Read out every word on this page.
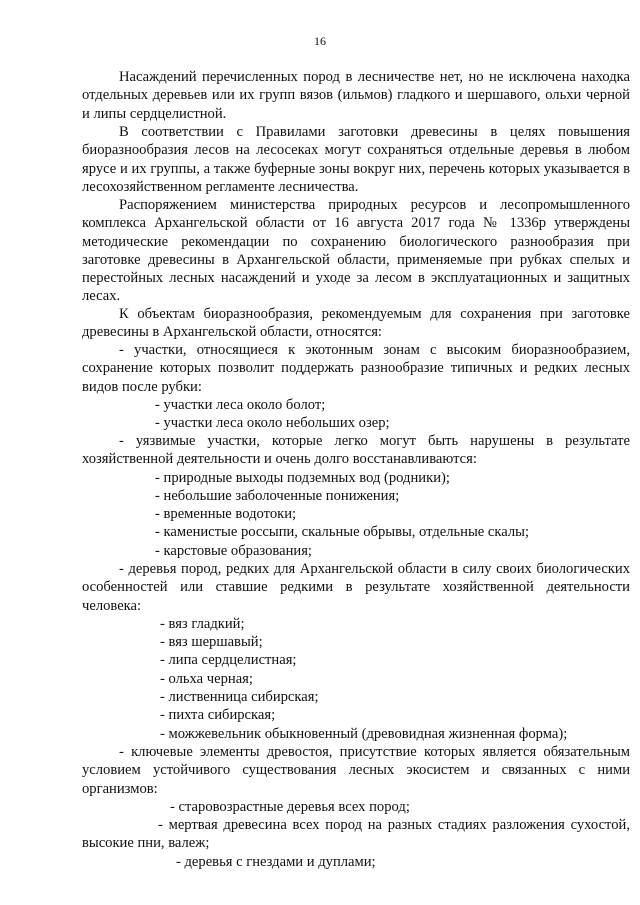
16

Насаждений перечисленных пород в лесничестве нет, но не исключена находка отдельных деревьев или их групп вязов (ильмов) гладкого и шершавого, ольхи черной и липы сердцелистной.

В соответствии с Правилами заготовки древесины в целях повышения биоразнообразия лесов на лесосеках могут сохраняться отдельные деревья в любом ярусе и их группы, а также буферные зоны вокруг них, перечень которых указывается в лесохозяйственном регламенте лесничества.

Распоряжением министерства природных ресурсов и лесопромышленного комплекса Архангельской области от 16 августа 2017 года № 1336р утверждены методические рекомендации по сохранению биологического разнообразия при заготовке древесины в Архангельской области, применяемые при рубках спелых и перестойных лесных насаждений и уходе за лесом в эксплуатационных и защитных лесах.

К объектам биоразнообразия, рекомендуемым для сохранения при заготовке древесины в Архангельской области, относятся:

- участки, относящиеся к экотонным зонам с высоким биоразнообразием, сохранение которых позволит поддержать разнообразие типичных и редких лесных видов после рубки:

- участки леса около болот;

- участки леса около небольших озер;

- уязвимые участки, которые легко могут быть нарушены в результате хозяйственной деятельности и очень долго восстанавливаются:

- природные выходы подземных вод (родники);

- небольшие заболоченные понижения;

- временные водотоки;

- каменистые россыпи, скальные обрывы, отдельные скалы;

- карстовые образования;

- деревья пород, редких для Архангельской области в силу своих биологических особенностей или ставшие редкими в результате хозяйственной деятельности человека:

- вяз гладкий;

- вяз шершавый;

- липа сердцелистная;

- ольха черная;

- лиственница сибирская;

- пихта сибирская;

- можжевельник обыкновенный (древовидная жизненная форма);

- ключевые элементы древостоя, присутствие которых является обязательным условием устойчивого существования лесных экосистем и связанных с ними организмов:

- старовозрастные деревья всех пород;

- мертвая древесина всех пород на разных стадиях разложения сухостой, высокие пни, валеж;

- деревья с гнездами и дуплами;
